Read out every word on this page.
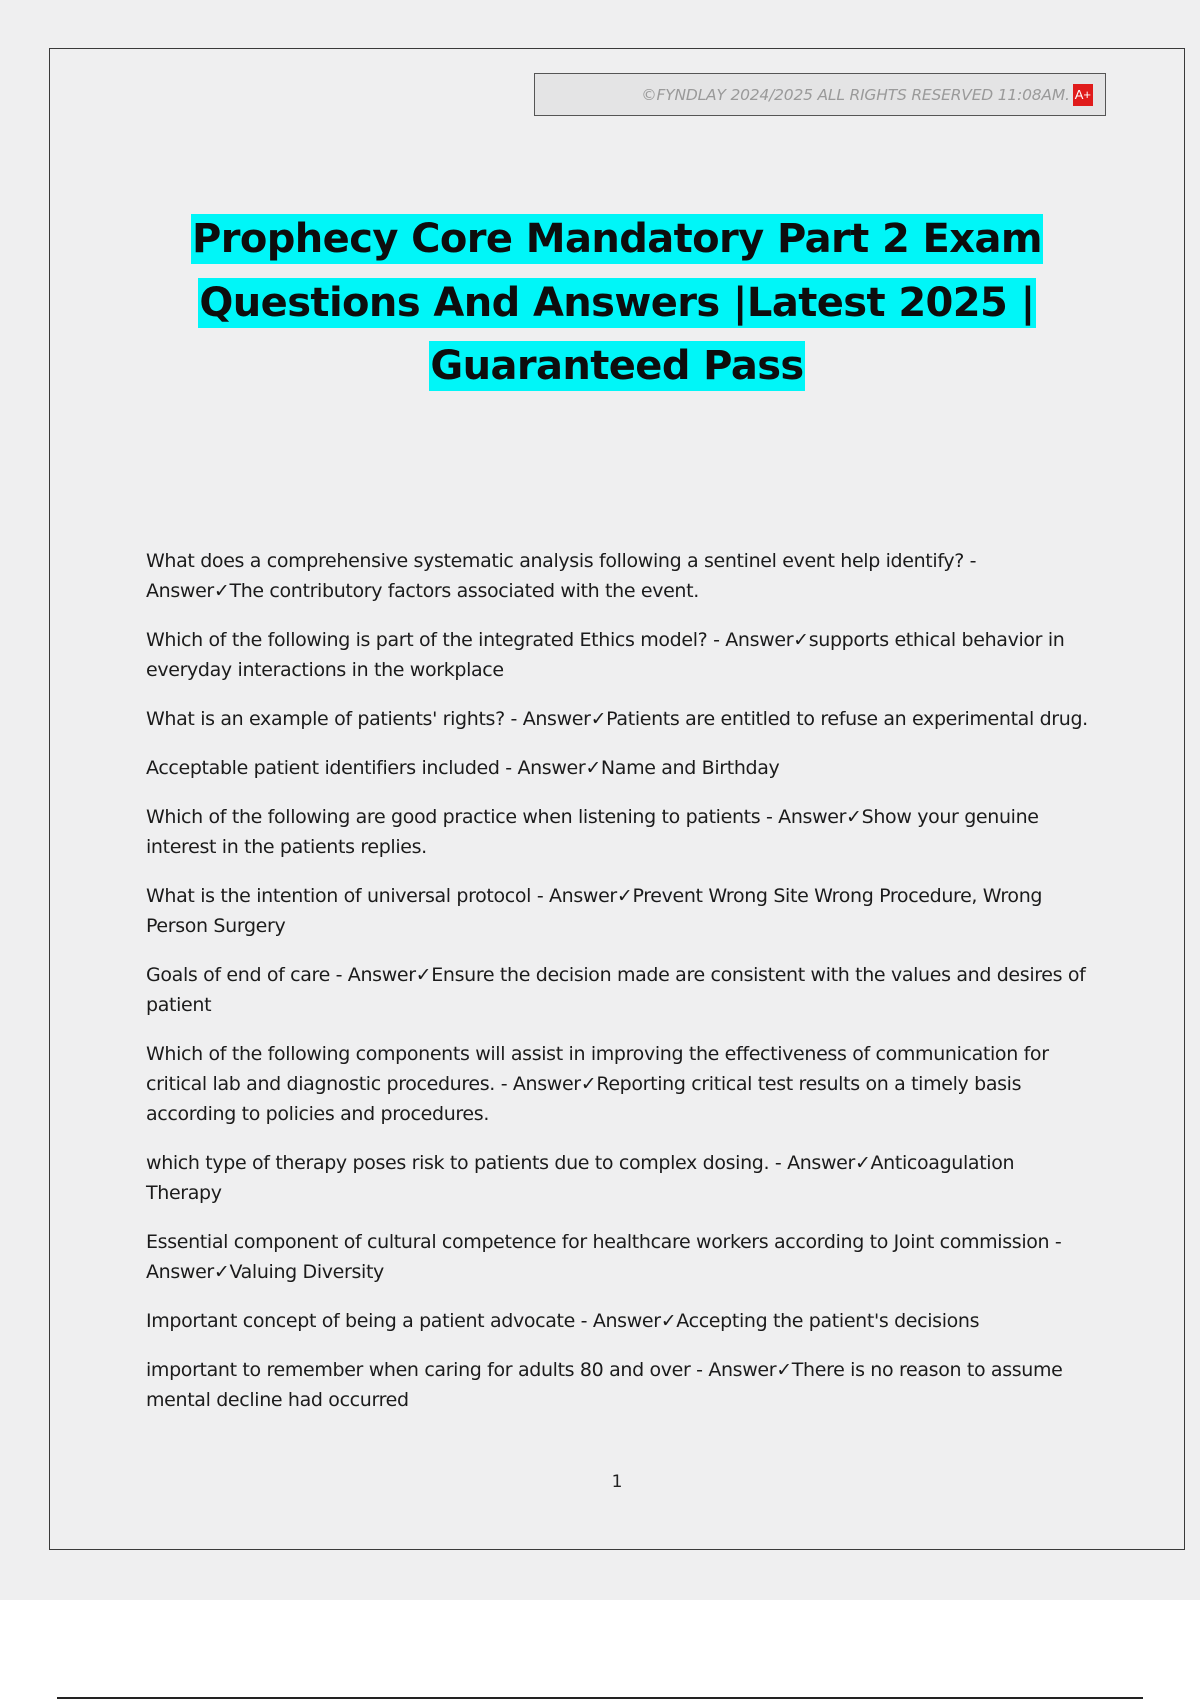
©FYNDLAY 2024/2025 ALL RIGHTS RESERVED 11:08AM. A+
Prophecy Core Mandatory Part 2 Exam
Questions And Answers |Latest 2025 |
Guaranteed Pass
What does a comprehensive systematic analysis following a sentinel event help identify? - Answer✓The contributory factors associated with the event.
Which of the following is part of the integrated Ethics model? - Answer✓supports ethical behavior in everyday interactions in the workplace
What is an example of patients' rights? - Answer✓Patients are entitled to refuse an experimental drug.
Acceptable patient identifiers included - Answer✓Name and Birthday
Which of the following are good practice when listening to patients - Answer✓Show your genuine interest in the patients replies.
What is the intention of universal protocol - Answer✓Prevent Wrong Site Wrong Procedure, Wrong Person Surgery
Goals of end of care - Answer✓Ensure the decision made are consistent with the values and desires of patient
Which of the following components will assist in improving the effectiveness of communication for critical lab and diagnostic procedures. - Answer✓Reporting critical test results on a timely basis according to policies and procedures.
which type of therapy poses risk to patients due to complex dosing. - Answer✓Anticoagulation Therapy
Essential component of cultural competence for healthcare workers according to Joint commission - Answer✓Valuing Diversity
Important concept of being a patient advocate - Answer✓Accepting the patient's decisions
important to remember when caring for adults 80 and over - Answer✓There is no reason to assume mental decline had occurred
1
